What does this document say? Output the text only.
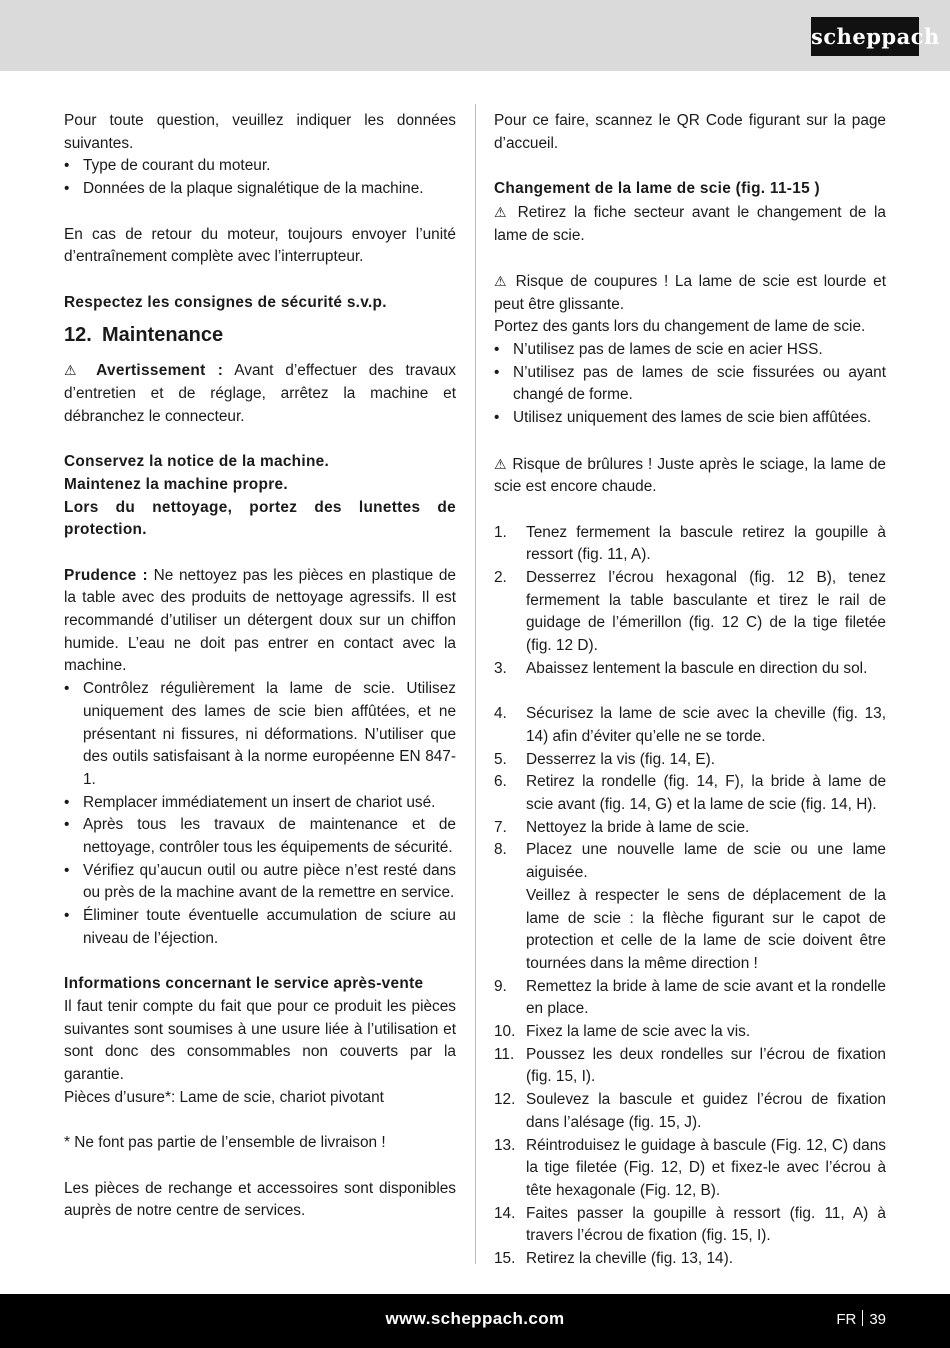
scheppach

Pour toute question, veuillez indiquer les données suivantes.

• Type de courant du moteur.
• Données de la plaque signalétique de la machine.

En cas de retour du moteur, toujours envoyer l’unité d’entraînement complète avec l’interrupteur.

Respectez les consignes de sécurité s.v.p.

12. Maintenance

⚠ Avertissement : Avant d’effectuer des travaux d’entretien et de réglage, arrêtez la machine et débranchez le connecteur.

Conservez la notice de la machine.

Maintenez la machine propre.

Lors du nettoyage, portez des lunettes de protection.

Prudence : Ne nettoyez pas les pièces en plastique de la table avec des produits de nettoyage agressifs. Il est recommandé d’utiliser un détergent doux sur un chiffon humide. L’eau ne doit pas entrer en contact avec la machine.

• Contrôlez régulièrement la lame de scie. Utilisez uniquement des lames de scie bien affûtées, et ne présentant ni fissures, ni déformations. N’utiliser que des outils satisfaisant à la norme européenne EN 847-1.
• Remplacer immédiatement un insert de chariot usé.
• Après tous les travaux de maintenance et de nettoyage, contrôler tous les équipements de sécurité.
• Vérifiez qu’aucun outil ou autre pièce n’est resté dans ou près de la machine avant de la remettre en service.
• Éliminer toute éventuelle accumulation de sciure au niveau de l’éjection.

Informations concernant le service après-vente

Il faut tenir compte du fait que pour ce produit les pièces suivantes sont soumises à une usure liée à l’utilisation et sont donc des consommables non couverts par la garantie.

Pièces d’usure*: Lame de scie, chariot pivotant

* Ne font pas partie de l’ensemble de livraison !

Les pièces de rechange et accessoires sont disponibles auprès de notre centre de services.

Pour ce faire, scannez le QR Code figurant sur la page d’accueil.

Changement de la lame de scie (fig. 11-15 )

⚠ Retirez la fiche secteur avant le changement de la lame de scie.

⚠ Risque de coupures ! La lame de scie est lourde et peut être glissante.

Portez des gants lors du changement de lame de scie.

• N’utilisez pas de lames de scie en acier HSS.
• N’utilisez pas de lames de scie fissurées ou ayant changé de forme.
• Utilisez uniquement des lames de scie bien affûtées.

⚠ Risque de brûlures ! Juste après le sciage, la lame de scie est encore chaude.

1. Tenez fermement la bascule retirez la goupille à ressort (fig. 11, A).
2. Desserrez l’écrou hexagonal (fig. 12 B), tenez fermement la table basculante et tirez le rail de guidage de l’émerillon (fig. 12 C) de la tige filetée (fig. 12 D).
3. Abaissez lentement la bascule en direction du sol.
4. Sécurisez la lame de scie avec la cheville (fig. 13, 14) afin d’éviter qu’elle ne se torde.
5. Desserrez la vis (fig. 14, E).
6. Retirez la rondelle (fig. 14, F), la bride à lame de scie avant (fig. 14, G) et la lame de scie (fig. 14, H).
7. Nettoyez la bride à lame de scie.
8. Placez une nouvelle lame de scie ou une lame aiguisée.

Veillez à respecter le sens de déplacement de la lame de scie : la flèche figurant sur le capot de protection et celle de la lame de scie doivent être tournées dans la même direction !

9. Remettez la bride à lame de scie avant et la rondelle en place.
10. Fixez la lame de scie avec la vis.
11. Poussez les deux rondelles sur l’écrou de fixation (fig. 15, I).
12. Soulevez la bascule et guidez l’écrou de fixation dans l’alésage (fig. 15, J).
13. Réintroduisez le guidage à bascule (Fig. 12, C) dans la tige filetée (Fig. 12, D) et fixez-le avec l’écrou à tête hexagonale (Fig. 12, B).
14. Faites passer la goupille à ressort (fig. 11, A) à travers l’écrou de fixation (fig. 15, I).
15. Retirez la cheville (fig. 13, 14).
www.scheppach.com	FR 39
